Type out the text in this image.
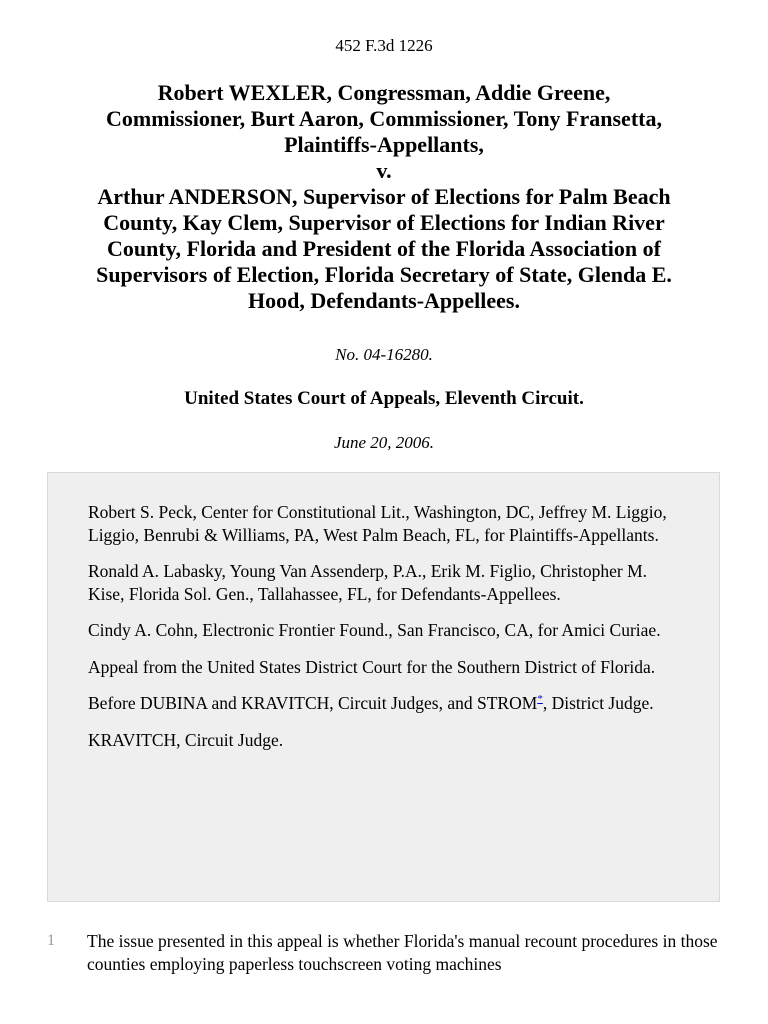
452 F.3d 1226
Robert WEXLER, Congressman, Addie Greene,
Commissioner, Burt Aaron, Commissioner, Tony Fransetta,
Plaintiffs-Appellants,
v.
Arthur ANDERSON, Supervisor of Elections for Palm Beach
County, Kay Clem, Supervisor of Elections for Indian River
County, Florida and President of the Florida Association of
Supervisors of Election, Florida Secretary of State, Glenda E.
Hood, Defendants-Appellees.
No. 04-16280.
United States Court of Appeals, Eleventh Circuit.
June 20, 2006.

Robert S. Peck, Center for Constitutional Lit., Washington, DC, Jeffrey M. Liggio, Liggio, Benrubi & Williams, PA, West Palm Beach, FL, for Plaintiffs-Appellants.

Ronald A. Labasky, Young Van Assenderp, P.A., Erik M. Figlio, Christopher M. Kise, Florida Sol. Gen., Tallahassee, FL, for Defendants-Appellees.

Cindy A. Cohn, Electronic Frontier Found., San Francisco, CA, for Amici Curiae.

Appeal from the United States District Court for the Southern District of Florida.

Before DUBINA and KRAVITCH, Circuit Judges, and STROM*, District Judge.

KRAVITCH, Circuit Judge.

1 The issue presented in this appeal is whether Florida's manual recount procedures in those counties employing paperless touchscreen voting machines
